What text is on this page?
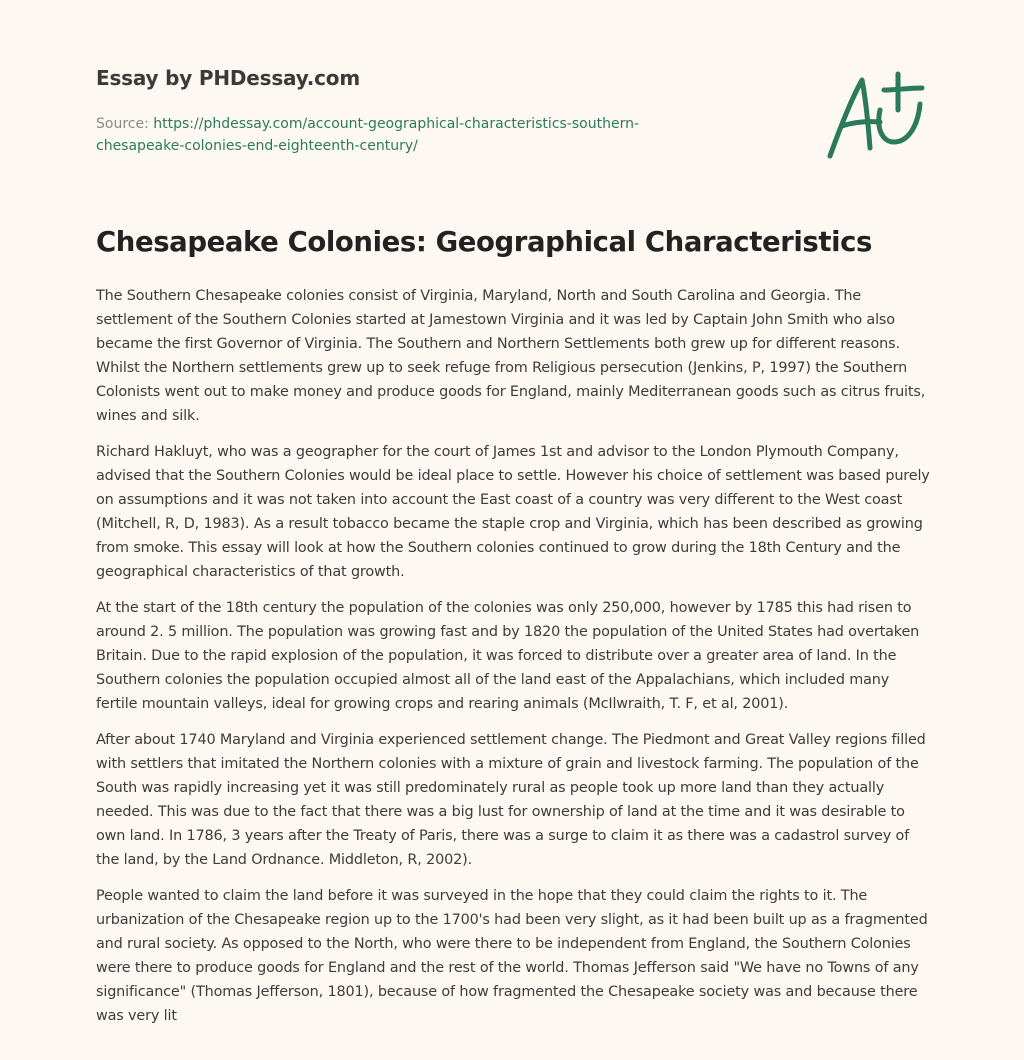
Essay by PHDessay.com
Source: https://phdessay.com/account-geographical-characteristics-southern-
chesapeake-colonies-end-eighteenth-century/
Chesapeake Colonies: Geographical Characteristics

The Southern Chesapeake colonies consist of Virginia, Maryland, North and South Carolina and Georgia. The settlement of the Southern Colonies started at Jamestown Virginia and it was led by Captain John Smith who also became the first Governor of Virginia. The Southern and Northern Settlements both grew up for different reasons. Whilst the Northern settlements grew up to seek refuge from Religious persecution (Jenkins, P, 1997) the Southern Colonists went out to make money and produce goods for England, mainly Mediterranean goods such as citrus fruits, wines and silk.

Richard Hakluyt, who was a geographer for the court of James 1st and advisor to the London Plymouth Company, advised that the Southern Colonies would be ideal place to settle. However his choice of settlement was based purely on assumptions and it was not taken into account the East coast of a country was very different to the West coast (Mitchell, R, D, 1983). As a result tobacco became the staple crop and Virginia, which has been described as growing from smoke. This essay will look at how the Southern colonies continued to grow during the 18th Century and the geographical characteristics of that growth.

At the start of the 18th century the population of the colonies was only 250,000, however by 1785 this had risen to around 2. 5 million. The population was growing fast and by 1820 the population of the United States had overtaken Britain. Due to the rapid explosion of the population, it was forced to distribute over a greater area of land. In the Southern colonies the population occupied almost all of the land east of the Appalachians, which included many fertile mountain valleys, ideal for growing crops and rearing animals (McIlwraith, T. F, et al, 2001).

After about 1740 Maryland and Virginia experienced settlement change. The Piedmont and Great Valley regions filled with settlers that imitated the Northern colonies with a mixture of grain and livestock farming. The population of the South was rapidly increasing yet it was still predominately rural as people took up more land than they actually needed. This was due to the fact that there was a big lust for ownership of land at the time and it was desirable to own land. In 1786, 3 years after the Treaty of Paris, there was a surge to claim it as there was a cadastrol survey of the land, by the Land Ordnance. Middleton, R, 2002).

People wanted to claim the land before it was surveyed in the hope that they could claim the rights to it. The urbanization of the Chesapeake region up to the 1700's had been very slight, as it had been built up as a fragmented and rural society. As opposed to the North, who were there to be independent from England, the Southern Colonies were there to produce goods for England and the rest of the world. Thomas Jefferson said "We have no Towns of any significance" (Thomas Jefferson, 1801), because of how fragmented the Chesapeake society was and because there was very lit
